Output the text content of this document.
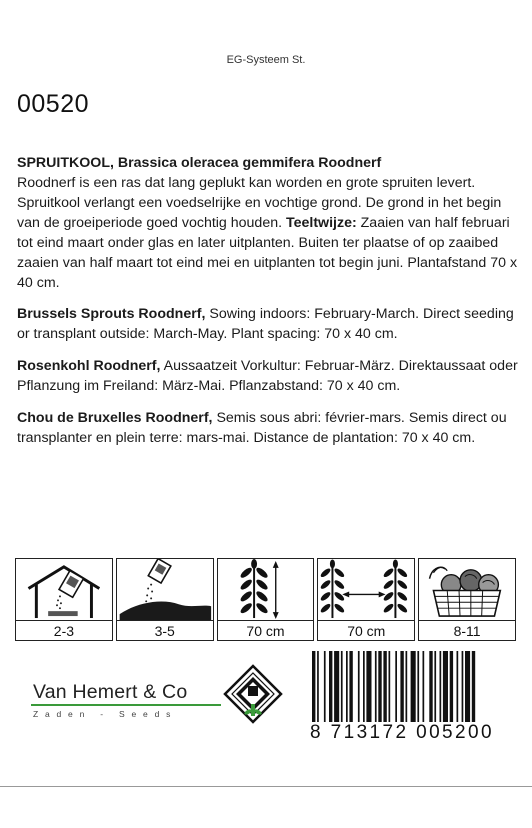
EG-Systeem St.
00520

SPRUITKOOL, Brassica oleracea gemmifera Roodnerf
Roodnerf is een ras dat lang geplukt kan worden en grote spruiten levert. Spruitkool verlangt een voedselrijke en vochtige grond. De grond in het begin van de groeiperiode goed vochtig houden. Teeltwijze: Zaaien van half februari tot eind maart onder glas en later uitplanten. Buiten ter plaatse of op zaaibed zaaien van half maart tot eind mei en uitplanten tot begin juni. Plantafstand 70 x 40 cm.

Brussels Sprouts Roodnerf, Sowing indoors: February-March. Direct seeding or transplant outside: March-May. Plant spacing: 70 x 40 cm.

Rosenkohl Roodnerf, Aussaatzeit Vorkultur: Februar-März. Direktaussaat oder Pflanzung im Freiland: März-Mai. Pflanzabstand: 70 x 40 cm.

Chou de Bruxelles Roodnerf, Semis sous abri: février-mars. Semis direct ou transplanter en plein terre: mars-mai. Distance de plantation: 70 x 40 cm.

2-3	3-5	70 cm	70 cm	8-11
Van Hemert & Co
Zaden - Seeds
8 713172 005200
